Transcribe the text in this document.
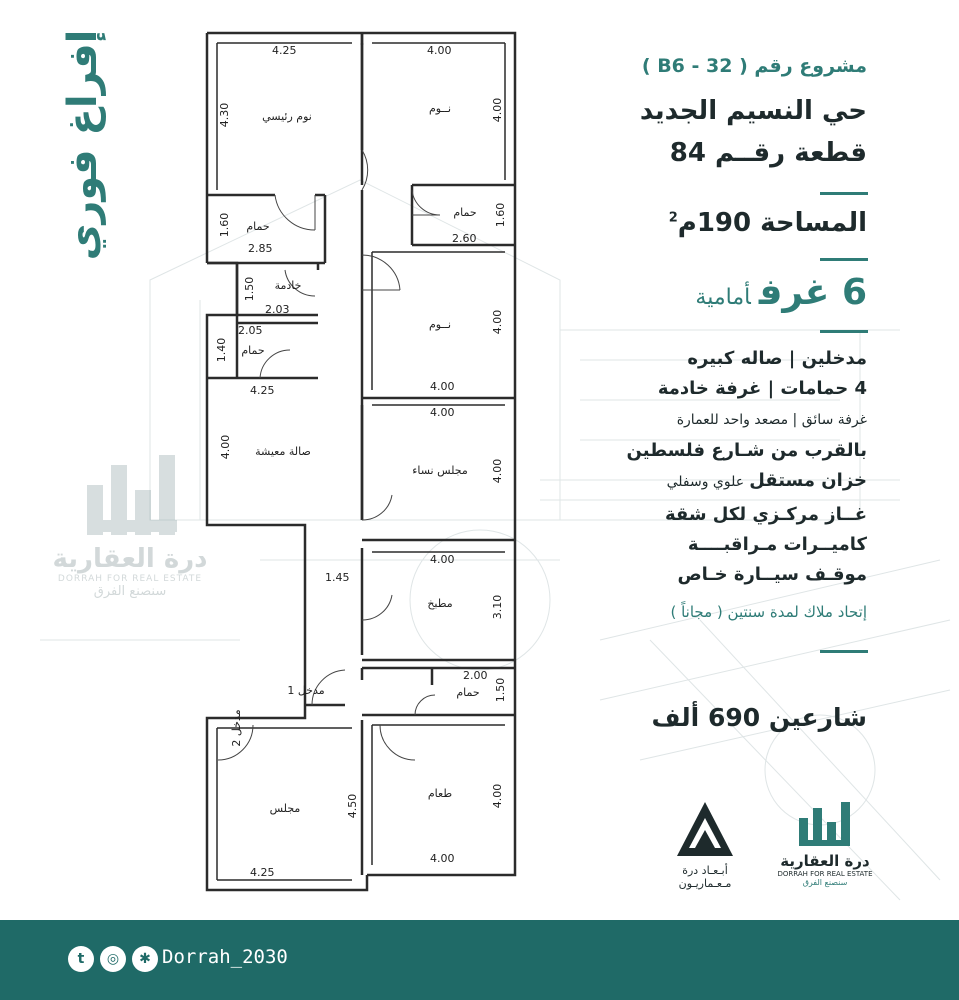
إفراغ فوري
درة العقارية
DORRAH FOR REAL ESTATE
سنصنع الفرق
4.25
4.30
4.00
4.00
1.60
2.85
1.60
2.60
1.50
2.03
2.05
1.40
4.00
4.00
4.25
4.00
4.00
4.00
1.45
4.00
3.10
2.00
1.50
4.50
4.25
4.00
4.00
نوم رئيسي
نــوم
حمام
حمام
خادمة
حمام
نــوم
صالة معيشة
مجلس نساء
مطبخ
مدخل 1	حمام
مدخل 2
مجلس
طعام
مشروع رقم ( B6 - 32 )
حي النسيم الجديد
قطعة رقــم 84
المساحة 190م$^2$
6 غرفأمامية
مدخلين | صاله كبيره
4 حمامات | غرفة خادمة
غرفة سائق | مصعد واحد للعمارة
بالقرب من شـارع فلسطين
خزان مستقل علوي وسفلي
غــاز مركـزي لكل شقة
كاميــرات مـراقبــــة
موقـف سيــارة خـاص
إتحاد ملاك لمدة سنتين ( مجاناً )
شارعين 690 ألف
أبـعـاد درة
مـعـماريـون
درة العقارية
DORRAH FOR REAL ESTATE
سنصنع الفرق
t	◎	✱ Dorrah_2030
